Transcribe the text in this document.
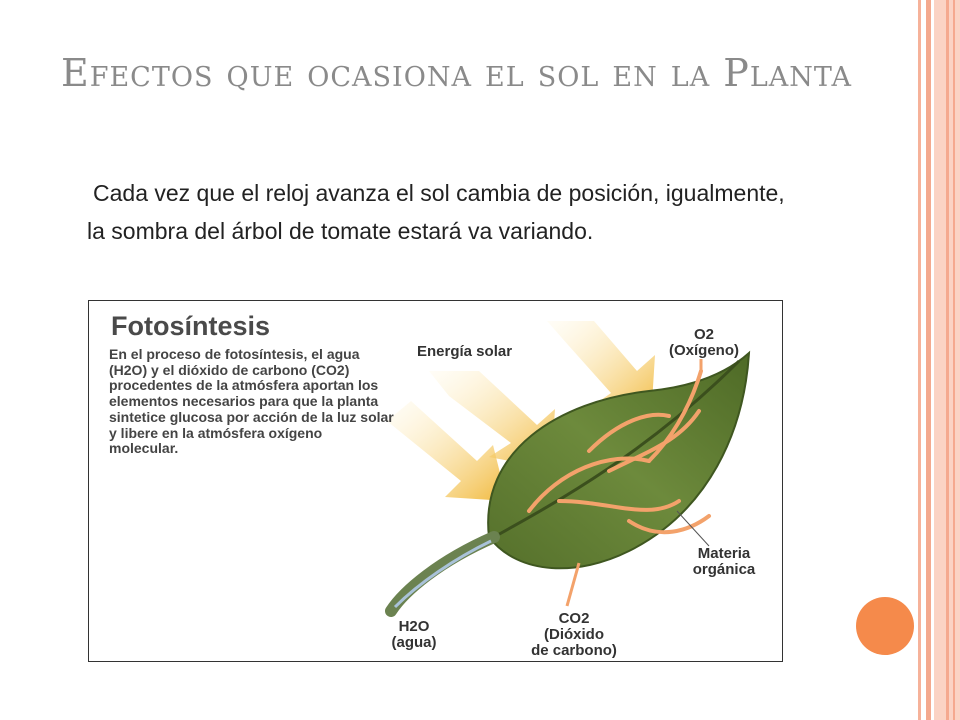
Efectos que ocasiona el sol en la Planta

Cada vez que el reloj avanza el sol cambia de posición, igualmente, la sombra del árbol de tomate estará va variando.

Fotosíntesis

En el proceso de fotosíntesis, el agua (H2O) y el dióxido de carbono (CO2) procedentes de la atmósfera aportan los elementos necesarios para que la planta sintetice glucosa por acción de la luz solar y libere en la atmósfera oxígeno molecular.

Energía solar
O2
(Oxígeno)
Materia
orgánica
CO2
(Dióxido
de carbono)
H2O
(agua)
